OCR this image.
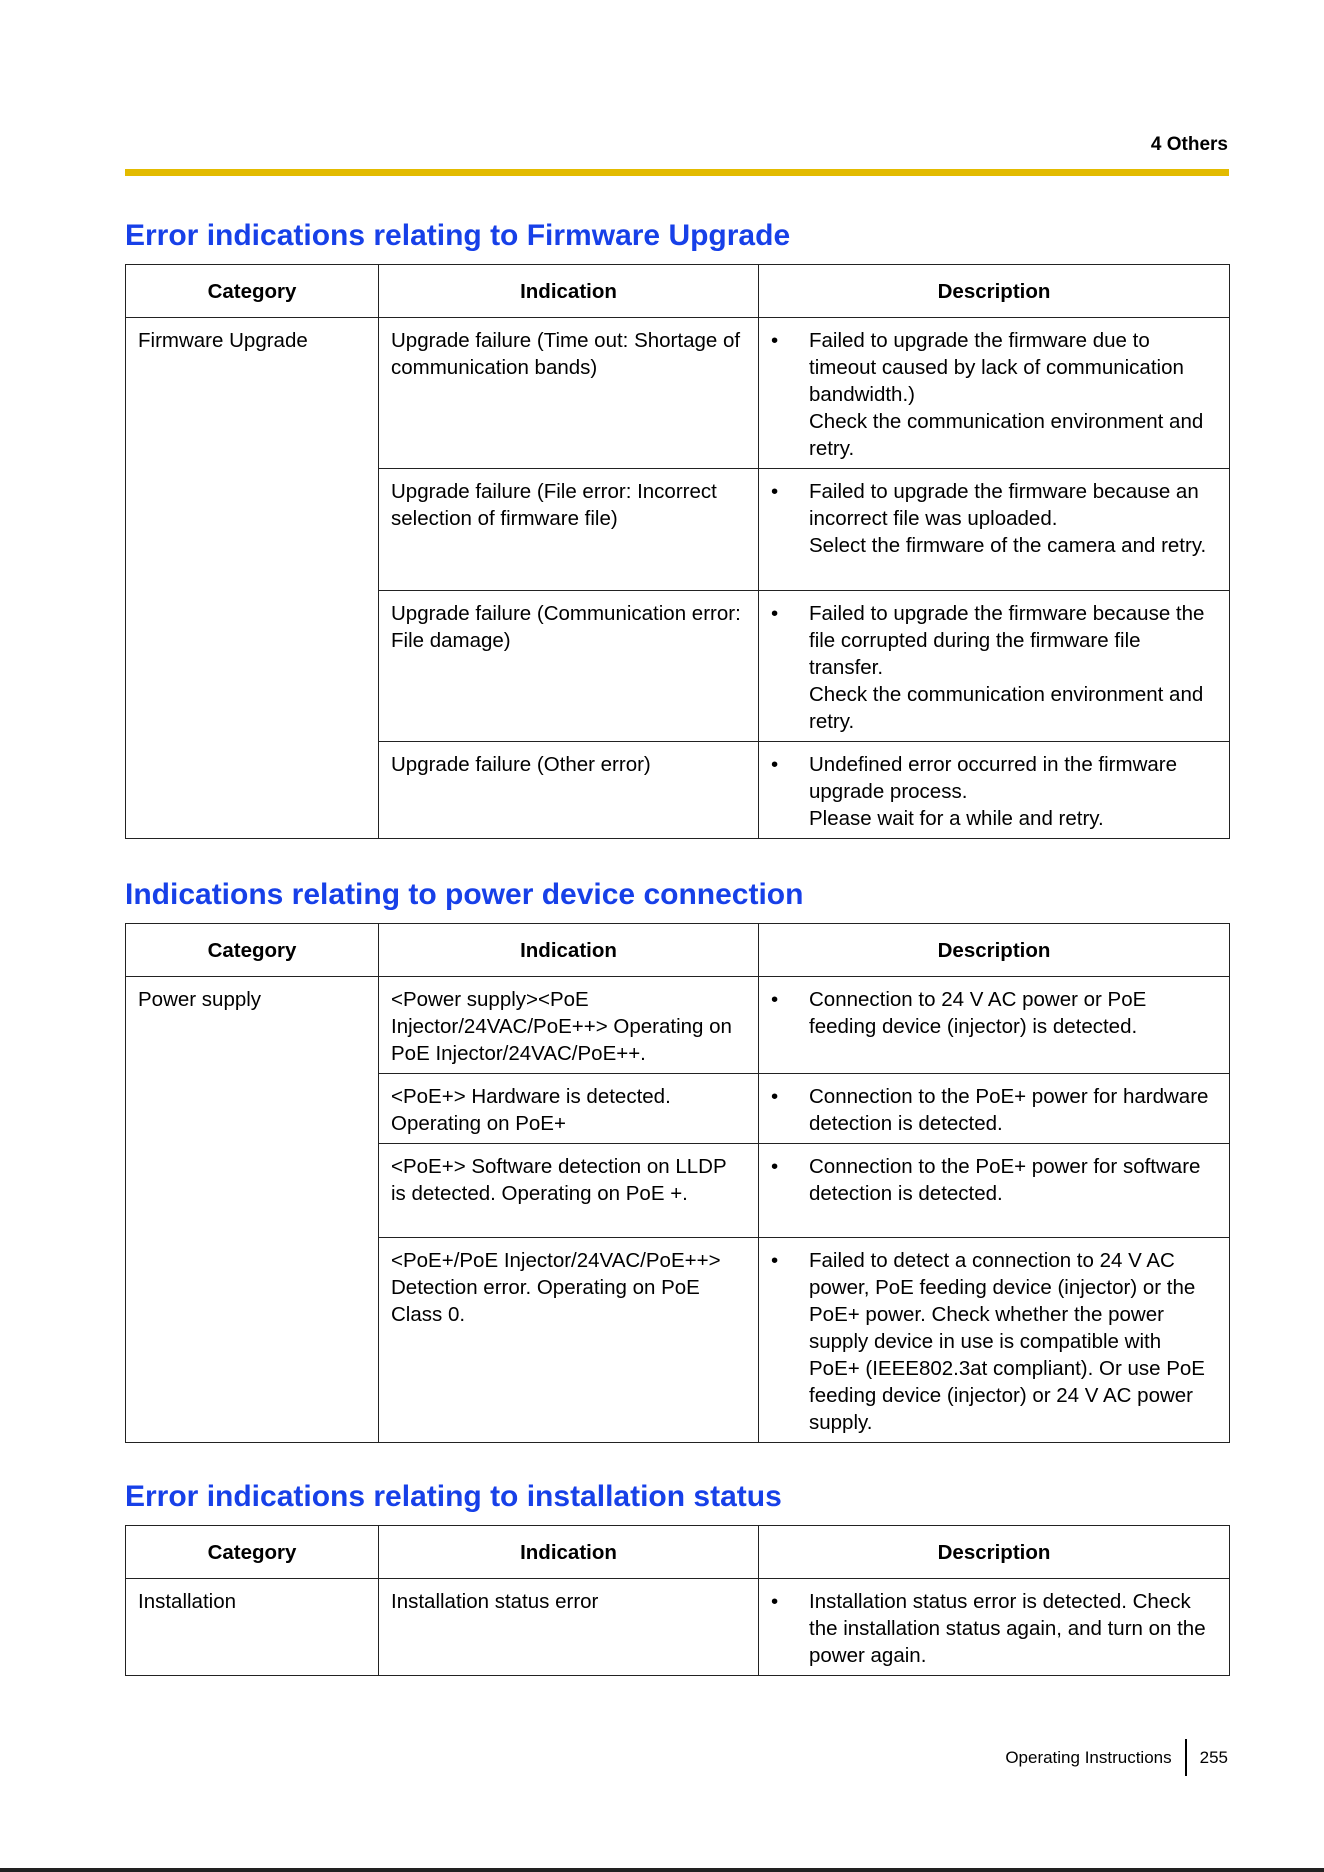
4 Others
Error indications relating to Firmware Upgrade
Category	Indication	Description
Firmware Upgrade	Upgrade failure (Time out: Shortage of communication bands)	• Failed to upgrade the firmware due to timeout caused by lack of communication bandwidth.)
Check the communication environment and retry.

	Upgrade failure (File error: Incorrect selection of firmware file)	• Failed to upgrade the firmware because an incorrect file was uploaded.
Select the firmware of the camera and retry.

	Upgrade failure (Communication error: File damage)	• Failed to upgrade the firmware because the file corrupted during the firmware file transfer.
Check the communication environment and retry.

	Upgrade failure (Other error)	• Undefined error occurred in the firmware upgrade process.
Please wait for a while and retry.
Indications relating to power device connection
Category	Indication	Description
Power supply	<Power supply><PoE Injector/24VAC/PoE++> Operating on PoE Injector/24VAC/PoE++.	• Connection to 24 V AC power or PoE feeding device (injector) is detected.

	<PoE+> Hardware is detected. Operating on PoE+	• Connection to the PoE+ power for hardware detection is detected.

	<PoE+> Software detection on LLDP is detected. Operating on PoE +.	• Connection to the PoE+ power for software detection is detected.

	<PoE+/PoE Injector/24VAC/PoE++> Detection error. Operating on PoE Class 0.	• Failed to detect a connection to 24 V AC power, PoE feeding device (injector) or the PoE+ power. Check whether the power supply device in use is compatible with PoE+ (IEEE802.3at compliant). Or use PoE feeding device (injector) or 24 V AC power supply.
Error indications relating to installation status
Category	Indication	Description
Installation	Installation status error	• Installation status error is detected. Check the installation status again, and turn on the power again.
Operating Instructions 255
